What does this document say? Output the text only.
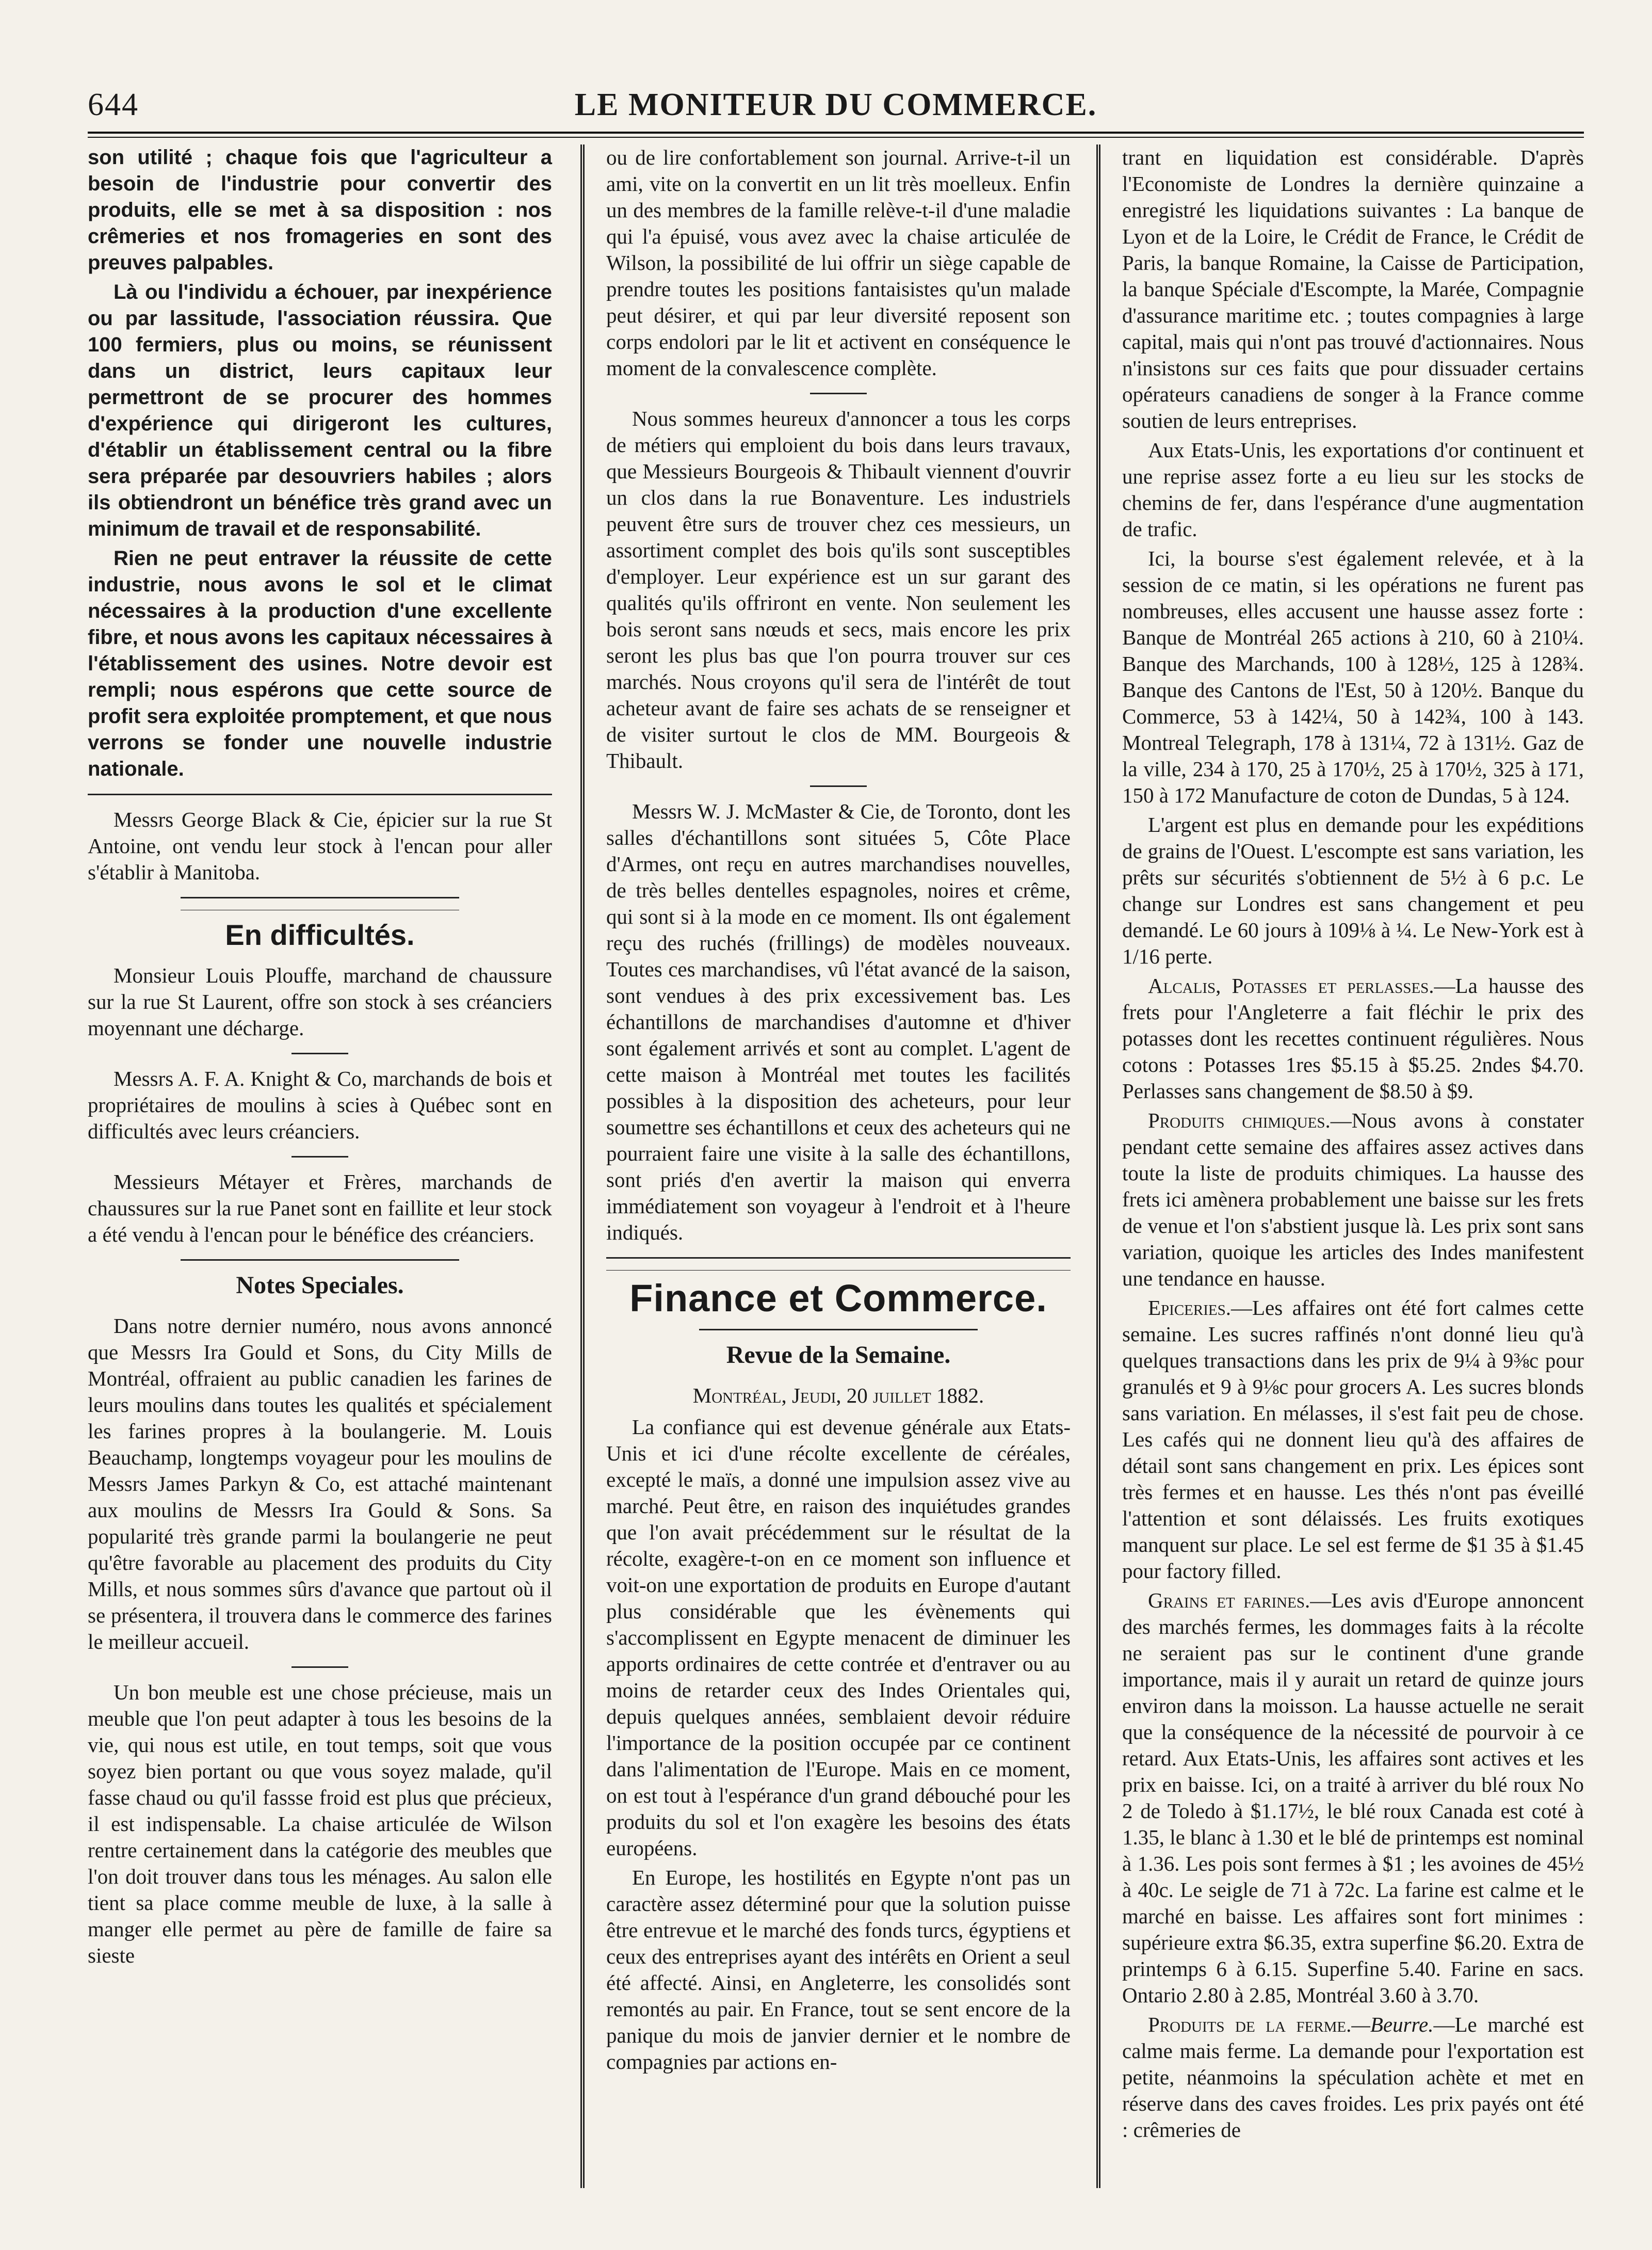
644	LE MONITEUR DU COMMERCE.

son utilité ; chaque fois que l'agriculteur a besoin de l'industrie pour convertir des produits, elle se met à sa disposition : nos crêmeries et nos fromageries en sont des preuves palpables.

Là ou l'individu a échouer, par inexpérience ou par lassitude, l'association réussira. Que 100 fermiers, plus ou moins, se réunissent dans un district, leurs capitaux leur permettront de se procurer des hommes d'expérience qui dirigeront les cultures, d'établir un établissement central ou la fibre sera préparée par desouvriers habiles ; alors ils obtiendront un bénéfice très grand avec un minimum de travail et de responsabilité.

Rien ne peut entraver la réussite de cette industrie, nous avons le sol et le climat nécessaires à la production d'une excellente fibre, et nous avons les capitaux nécessaires à l'établissement des usines. Notre devoir est rempli; nous espérons que cette source de profit sera exploitée promptement, et que nous verrons se fonder une nouvelle industrie nationale.

Messrs George Black & Cie, épicier sur la rue St Antoine, ont vendu leur stock à l'encan pour aller s'établir à Manitoba.

En difficultés.

Monsieur Louis Plouffe, marchand de chaussure sur la rue St Laurent, offre son stock à ses créanciers moyennant une décharge.

Messrs A. F. A. Knight & Co, marchands de bois et propriétaires de moulins à scies à Québec sont en difficultés avec leurs créanciers.

Messieurs Métayer et Frères, marchands de chaussures sur la rue Panet sont en faillite et leur stock a été vendu à l'encan pour le bénéfice des créanciers.

Notes Speciales.

Dans notre dernier numéro, nous avons annoncé que Messrs Ira Gould et Sons, du City Mills de Montréal, offraient au public canadien les farines de leurs moulins dans toutes les qualités et spécialement les farines propres à la boulangerie. M. Louis Beauchamp, longtemps voyageur pour les moulins de Messrs James Parkyn & Co, est attaché maintenant aux moulins de Messrs Ira Gould & Sons. Sa popularité très grande parmi la boulangerie ne peut qu'être favorable au placement des produits du City Mills, et nous sommes sûrs d'avance que partout où il se présentera, il trouvera dans le commerce des farines le meilleur accueil.

Un bon meuble est une chose précieuse, mais un meuble que l'on peut adapter à tous les besoins de la vie, qui nous est utile, en tout temps, soit que vous soyez bien portant ou que vous soyez malade, qu'il fasse chaud ou qu'il fassse froid est plus que précieux, il est indispensable. La chaise articulée de Wilson rentre certainement dans la catégorie des meubles que l'on doit trouver dans tous les ménages. Au salon elle tient sa place comme meuble de luxe, à la salle à manger elle permet au père de famille de faire sa sieste

ou de lire confortablement son journal. Arrive-t-il un ami, vite on la convertit en un lit très moelleux. Enfin un des membres de la famille relève-t-il d'une maladie qui l'a épuisé, vous avez avec la chaise articulée de Wilson, la possibilité de lui offrir un siège capable de prendre toutes les positions fantaisistes qu'un malade peut désirer, et qui par leur diversité reposent son corps endolori par le lit et activent en conséquence le moment de la convalescence complète.

Nous sommes heureux d'annoncer a tous les corps de métiers qui emploient du bois dans leurs travaux, que Messieurs Bourgeois & Thibault viennent d'ouvrir un clos dans la rue Bonaventure. Les industriels peuvent être surs de trouver chez ces messieurs, un assortiment complet des bois qu'ils sont susceptibles d'employer. Leur expérience est un sur garant des qualités qu'ils offriront en vente. Non seulement les bois seront sans nœuds et secs, mais encore les prix seront les plus bas que l'on pourra trouver sur ces marchés. Nous croyons qu'il sera de l'intérêt de tout acheteur avant de faire ses achats de se renseigner et de visiter surtout le clos de MM. Bourgeois & Thibault.

Messrs W. J. McMaster & Cie, de Toronto, dont les salles d'échantillons sont situées 5, Côte Place d'Armes, ont reçu en autres marchandises nouvelles, de très belles dentelles espagnoles, noires et crême, qui sont si à la mode en ce moment. Ils ont également reçu des ruchés (frillings) de modèles nouveaux. Toutes ces marchandises, vû l'état avancé de la saison, sont vendues à des prix excessivement bas. Les échantillons de marchandises d'automne et d'hiver sont également arrivés et sont au complet. L'agent de cette maison à Montréal met toutes les facilités possibles à la disposition des acheteurs, pour leur soumettre ses échantillons et ceux des acheteurs qui ne pourraient faire une visite à la salle des échantillons, sont priés d'en avertir la maison qui enverra immédiatement son voyageur à l'endroit et à l'heure indiqués.

Finance et Commerce.
Revue de la Semaine.

Montréal, Jeudi, 20 juillet 1882.

La confiance qui est devenue générale aux Etats-Unis et ici d'une récolte excellente de céréales, excepté le maïs, a donné une impulsion assez vive au marché. Peut être, en raison des inquiétudes grandes que l'on avait précédemment sur le résultat de la récolte, exagère-t-on en ce moment son influence et voit-on une exportation de produits en Europe d'autant plus considérable que les évènements qui s'accomplissent en Egypte menacent de diminuer les apports ordinaires de cette contrée et d'entraver ou au moins de retarder ceux des Indes Orientales qui, depuis quelques années, semblaient devoir réduire l'importance de la position occupée par ce continent dans l'alimentation de l'Europe. Mais en ce moment, on est tout à l'espérance d'un grand débouché pour les produits du sol et l'on exagère les besoins des états européens.

En Europe, les hostilités en Egypte n'ont pas un caractère assez déterminé pour que la solution puisse être entrevue et le marché des fonds turcs, égyptiens et ceux des entreprises ayant des intérêts en Orient a seul été affecté. Ainsi, en Angleterre, les consolidés sont remontés au pair. En France, tout se sent encore de la panique du mois de janvier dernier et le nombre de compagnies par actions en-

trant en liquidation est considérable. D'après l'Economiste de Londres la dernière quinzaine a enregistré les liquidations suivantes : La banque de Lyon et de la Loire, le Crédit de France, le Crédit de Paris, la banque Romaine, la Caisse de Participation, la banque Spéciale d'Escompte, la Marée, Compagnie d'assurance maritime etc. ; toutes compagnies à large capital, mais qui n'ont pas trouvé d'actionnaires. Nous n'insistons sur ces faits que pour dissuader certains opérateurs canadiens de songer à la France comme soutien de leurs entreprises.

Aux Etats-Unis, les exportations d'or continuent et une reprise assez forte a eu lieu sur les stocks de chemins de fer, dans l'espérance d'une augmentation de trafic.

Ici, la bourse s'est également relevée, et à la session de ce matin, si les opérations ne furent pas nombreuses, elles accusent une hausse assez forte : Banque de Montréal 265 actions à 210, 60 à 210¼. Banque des Marchands, 100 à 128½, 125 à 128¾. Banque des Cantons de l'Est, 50 à 120½. Banque du Commerce, 53 à 142¼, 50 à 142¾, 100 à 143. Montreal Telegraph, 178 à 131¼, 72 à 131½. Gaz de la ville, 234 à 170, 25 à 170½, 25 à 170½, 325 à 171, 150 à 172 Manufacture de coton de Dundas, 5 à 124.

L'argent est plus en demande pour les expéditions de grains de l'Ouest. L'escompte est sans variation, les prêts sur sécurités s'obtiennent de 5½ à 6 p.c. Le change sur Londres est sans changement et peu demandé. Le 60 jours à 109⅛ à ¼. Le New-York est à 1/16 perte.

Alcalis, Potasses et perlasses.—La hausse des frets pour l'Angleterre a fait fléchir le prix des potasses dont les recettes continuent régulières. Nous cotons : Potasses 1res $5.15 à $5.25. 2ndes $4.70. Perlasses sans changement de $8.50 à $9.

Produits chimiques.—Nous avons à constater pendant cette semaine des affaires assez actives dans toute la liste de produits chimiques. La hausse des frets ici amènera probablement une baisse sur les frets de venue et l'on s'abstient jusque là. Les prix sont sans variation, quoique les articles des Indes manifestent une tendance en hausse.

Epiceries.—Les affaires ont été fort calmes cette semaine. Les sucres raffinés n'ont donné lieu qu'à quelques transactions dans les prix de 9¼ à 9⅜c pour granulés et 9 à 9⅛c pour grocers A. Les sucres blonds sans variation. En mélasses, il s'est fait peu de chose. Les cafés qui ne donnent lieu qu'à des affaires de détail sont sans changement en prix. Les épices sont très fermes et en hausse. Les thés n'ont pas éveillé l'attention et sont délaissés. Les fruits exotiques manquent sur place. Le sel est ferme de $1 35 à $1.45 pour factory filled.

Grains et farines.—Les avis d'Europe annoncent des marchés fermes, les dommages faits à la récolte ne seraient pas sur le continent d'une grande importance, mais il y aurait un retard de quinze jours environ dans la moisson. La hausse actuelle ne serait que la conséquence de la nécessité de pourvoir à ce retard. Aux Etats-Unis, les affaires sont actives et les prix en baisse. Ici, on a traité à arriver du blé roux No 2 de Toledo à $1.17½, le blé roux Canada est coté à 1.35, le blanc à 1.30 et le blé de printemps est nominal à 1.36. Les pois sont fermes à $1 ; les avoines de 45½ à 40c. Le seigle de 71 à 72c. La farine est calme et le marché en baisse. Les affaires sont fort minimes : supérieure extra $6.35, extra superfine $6.20. Extra de printemps 6 à 6.15. Superfine 5.40. Farine en sacs. Ontario 2.80 à 2.85, Montréal 3.60 à 3.70.

Produits de la ferme.—Beurre.—Le marché est calme mais ferme. La demande pour l'exportation est petite, néanmoins la spéculation achète et met en réserve dans des caves froides. Les prix payés ont été : crêmeries de
